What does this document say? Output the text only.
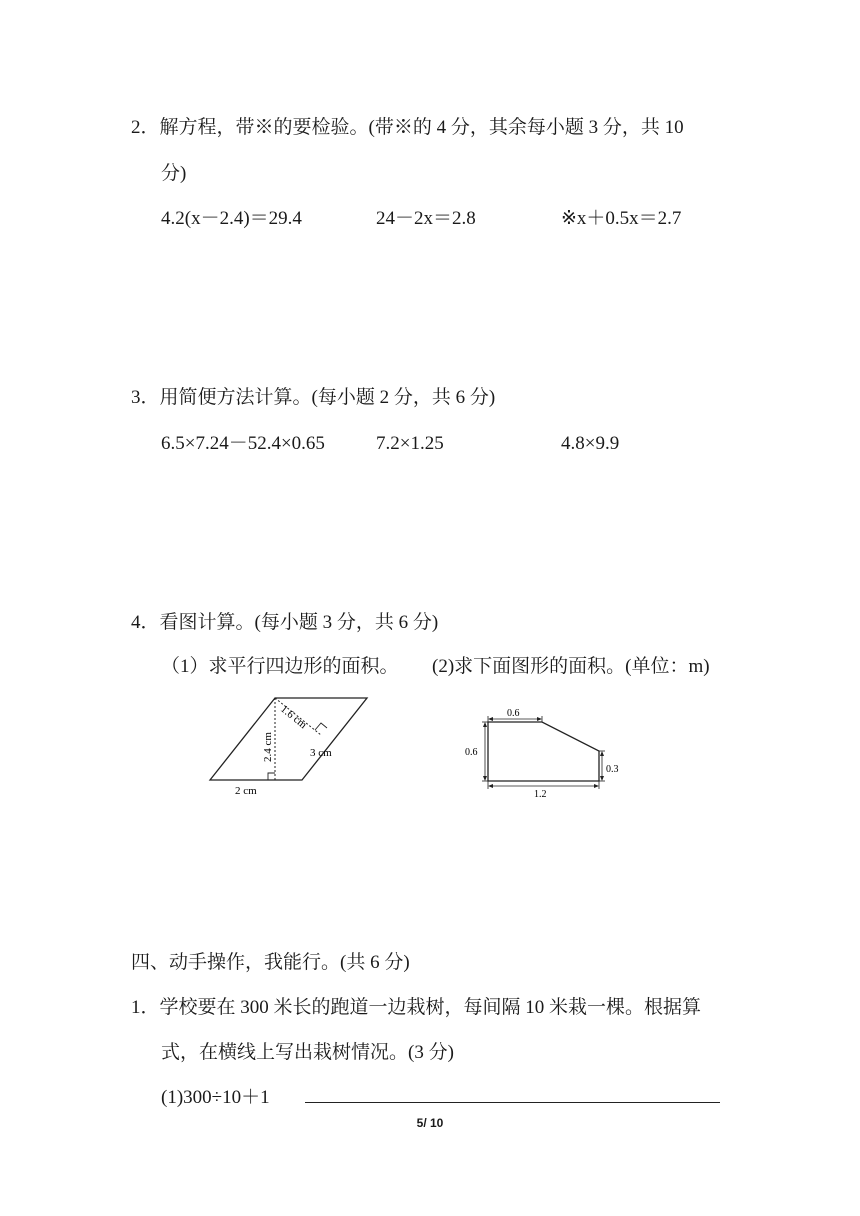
2．解方程，带※的要检验。(带※的 4 分，其余每小题 3 分，共 10
分)
4.2(x－2.4)＝29.4	24－2x＝2.8	※x＋0.5x＝2.7
3．用简便方法计算。(每小题 2 分，共 6 分)
6.5×7.24－52.4×0.65	7.2×1.25	4.8×9.9
4．看图计算。(每小题 3 分，共 6 分)
（1）求平行四边形的面积。 (2)求下面图形的面积。(单位：m)
2.4 cm
1.6 cm
3 cm
2 cm
0.6
0.6
0.3
1.2
四、动手操作，我能行。(共 6 分)
1．学校要在 300 米长的跑道一边栽树，每间隔 10 米栽一棵。根据算
式，在横线上写出栽树情况。(3 分)
(1)300÷10＋1
5/ 10
